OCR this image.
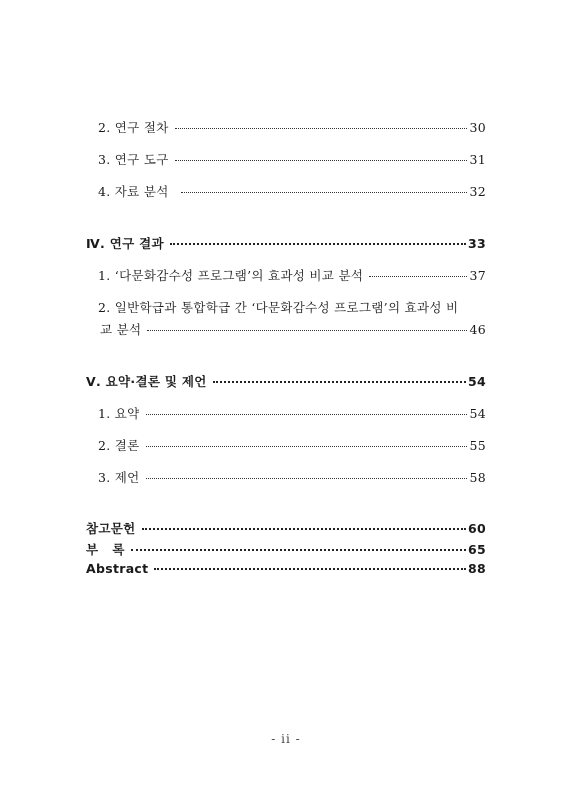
2. 연구 절차	30
3. 연구 도구	31
4. 자료 분석	32
Ⅳ. 연구 결과	33
1. ‘다문화감수성 프로그램’의 효과성 비교 분석	37
2. 일반학급과 통합학급 간 ‘다문화감수성 프로그램’의 효과성 비
교 분석	46
Ⅴ. 요약·결론 및 제언	54
1. 요약	54
2. 결론	55
3. 제언	58
참고문헌	60
부   록	65
Abstract	88
- ii -
